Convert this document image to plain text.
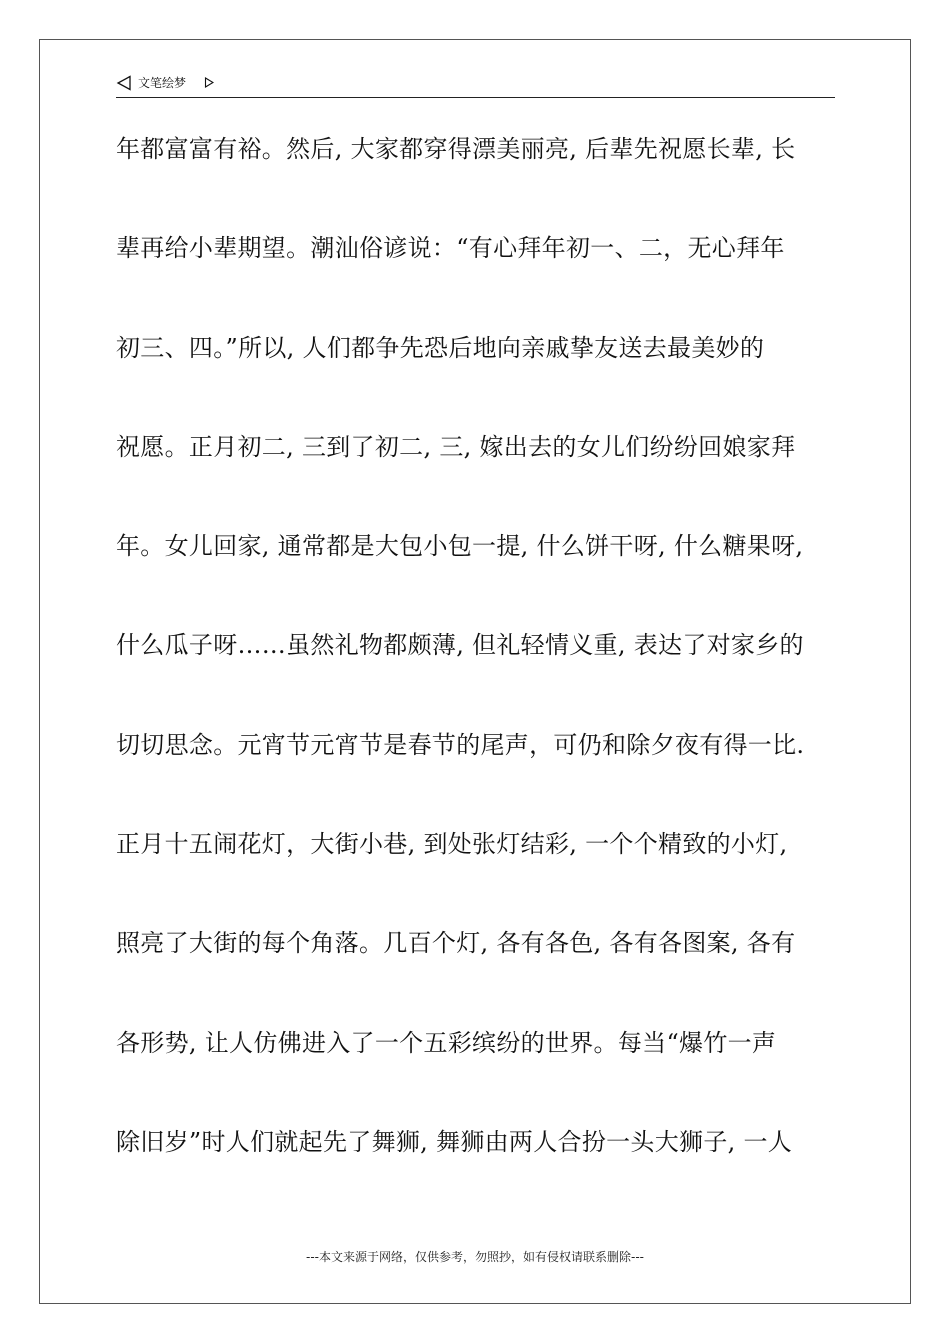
文笔绘梦
年都富富有裕。然后, 大家都穿得漂美丽亮, 后辈先祝愿长辈, 长
辈再给小辈期望。潮汕俗谚说：“有心拜年初一、二，无心拜年
初三、四。”所以, 人们都争先恐后地向亲戚挚友送去最美妙的
祝愿。正月初二, 三到了初二, 三, 嫁出去的女儿们纷纷回娘家拜
年。女儿回家, 通常都是大包小包一提, 什么饼干呀, 什么糖果呀,
什么瓜子呀……虽然礼物都颇薄, 但礼轻情义重, 表达了对家乡的
切切思念。元宵节元宵节是春节的尾声，可仍和除夕夜有得一比.
正月十五闹花灯，大街小巷, 到处张灯结彩, 一个个精致的小灯,
照亮了大街的每个角落。几百个灯, 各有各色, 各有各图案, 各有
各形势, 让人仿佛进入了一个五彩缤纷的世界。每当“爆竹一声
除旧岁”时人们就起先了舞狮, 舞狮由两人合扮一头大狮子, 一人
---本文来源于网络，仅供参考，勿照抄，如有侵权请联系删除---
